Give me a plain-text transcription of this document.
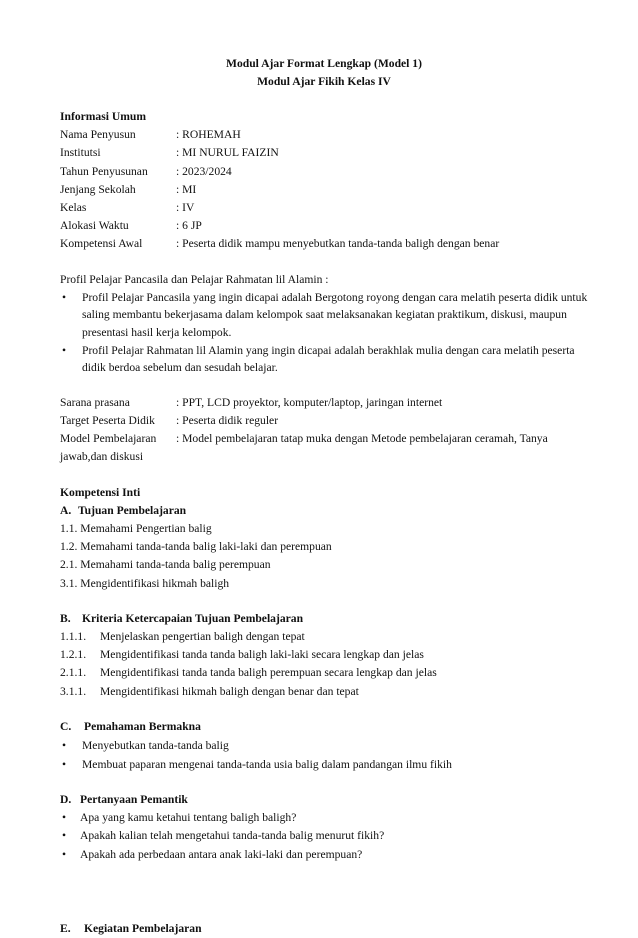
Modul Ajar Format Lengkap (Model 1)
Modul Ajar Fikih Kelas IV
Informasi Umum
Nama Penyusun	: ROHEMAH
Institutsi	: MI NURUL FAIZIN
Tahun Penyusunan	: 2023/2024
Jenjang Sekolah	: MI
Kelas	: IV
Alokasi Waktu	: 6 JP
Kompetensi Awal	: Peserta didik mampu menyebutkan tanda-tanda baligh dengan benar
Profil Pelajar Pancasila dan Pelajar Rahmatan lil Alamin :
•	Profil Pelajar Pancasila yang ingin dicapai adalah Bergotong royong dengan cara melatih peserta didik untuk saling membantu bekerjasama dalam kelompok saat melaksanakan kegiatan praktikum, diskusi, maupun presentasi hasil kerja kelompok.
•	Profil Pelajar Rahmatan lil Alamin yang ingin dicapai adalah berakhlak mulia dengan cara melatih peserta didik berdoa sebelum dan sesudah belajar.
Sarana prasana	: PPT, LCD proyektor, komputer/laptop, jaringan internet
Target Peserta Didik	: Peserta didik reguler
Model Pembelajaran	: Model pembelajaran tatap muka dengan Metode pembelajaran ceramah, Tanya
jawab,dan diskusi
Kompetensi Inti
A. Tujuan Pembelajaran
1.1. Memahami Pengertian balig
1.2. Memahami tanda-tanda balig laki-laki dan perempuan
2.1. Memahami tanda-tanda balig perempuan
3.1. Mengidentifikasi hikmah baligh
B. Kriteria Ketercapaian Tujuan Pembelajaran
1.1.1.	Menjelaskan pengertian baligh dengan tepat
1.2.1.	Mengidentifikasi tanda tanda baligh laki-laki secara lengkap dan jelas
2.1.1.	Mengidentifikasi tanda tanda baligh perempuan secara lengkap dan jelas
3.1.1.	Mengidentifikasi hikmah baligh dengan benar dan tepat
C.	Pemahaman Bermakna
•	Menyebutkan tanda-tanda balig
•	Membuat paparan mengenai tanda-tanda usia balig dalam pandangan ilmu fikih
D. Pertanyaan Pemantik
•	Apa yang kamu ketahui tentang baligh baligh?
•	Apakah kalian telah mengetahui tanda-tanda balig menurut fikih?
•	Apakah ada perbedaan antara anak laki-laki dan perempuan?
E.	Kegiatan Pembelajaran
